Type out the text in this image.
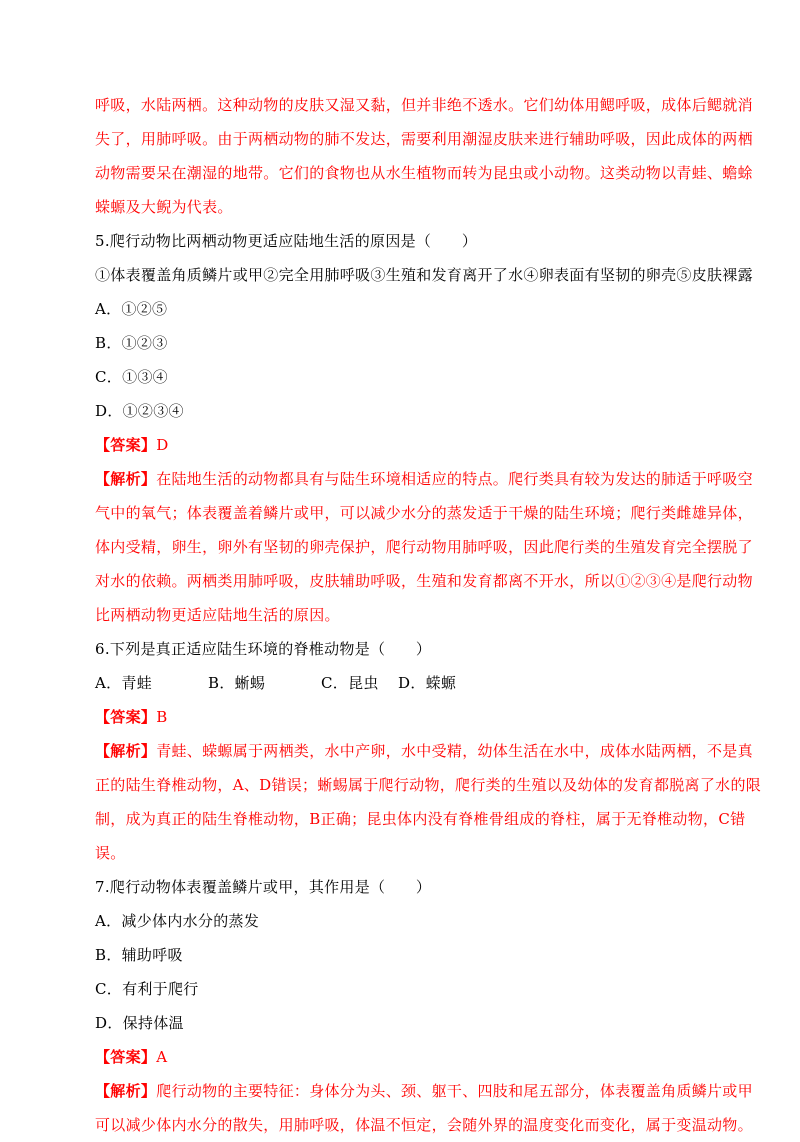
呼吸，水陆两栖。这种动物的皮肤又湿又黏，但并非绝不透水。它们幼体用鳃呼吸，成体后鳃就消
失了，用肺呼吸。由于两栖动物的肺不发达，需要利用潮湿皮肤来进行辅助呼吸，因此成体的两栖
动物需要呆在潮湿的地带。它们的食物也从水生植物而转为昆虫或小动物。这类动物以青蛙、蟾蜍
蝾螈及大鲵为代表。
5.爬行动物比两栖动物更适应陆地生活的原因是（　　）
①体表覆盖角质鳞片或甲②完全用肺呼吸③生殖和发育离开了水④卵表面有坚韧的卵壳⑤皮肤裸露
A．①②⑤
B．①②③
C．①③④
D．①②③④
【答案】D
【解析】在陆地生活的动物都具有与陆生环境相适应的特点。爬行类具有较为发达的肺适于呼吸空
气中的氧气；体表覆盖着鳞片或甲，可以减少水分的蒸发适于干燥的陆生环境；爬行类雌雄异体，
体内受精，卵生，卵外有坚韧的卵壳保护，爬行动物用肺呼吸，因此爬行类的生殖发育完全摆脱了
对水的依赖。两栖类用肺呼吸，皮肤辅助呼吸，生殖和发育都离不开水，所以①②③④是爬行动物
比两栖动物更适应陆地生活的原因。
6.下列是真正适应陆生环境的脊椎动物是（　　）
A．青蛙	B．蜥蜴	C．昆虫 D．蝾螈
【答案】B
【解析】青蛙、蝾螈属于两栖类，水中产卵，水中受精，幼体生活在水中，成体水陆两栖，不是真
正的陆生脊椎动物，A、D错误；蜥蜴属于爬行动物，爬行类的生殖以及幼体的发育都脱离了水的限
制，成为真正的陆生脊椎动物，B正确；昆虫体内没有脊椎骨组成的脊柱，属于无脊椎动物，C错
误。
7.爬行动物体表覆盖鳞片或甲，其作用是（　　）
A．减少体内水分的蒸发
B．辅助呼吸
C．有利于爬行
D．保持体温
【答案】A
【解析】爬行动物的主要特征：身体分为头、颈、躯干、四肢和尾五部分，体表覆盖角质鳞片或甲
可以减少体内水分的散失，用肺呼吸，体温不恒定，会随外界的温度变化而变化，属于变温动物。
